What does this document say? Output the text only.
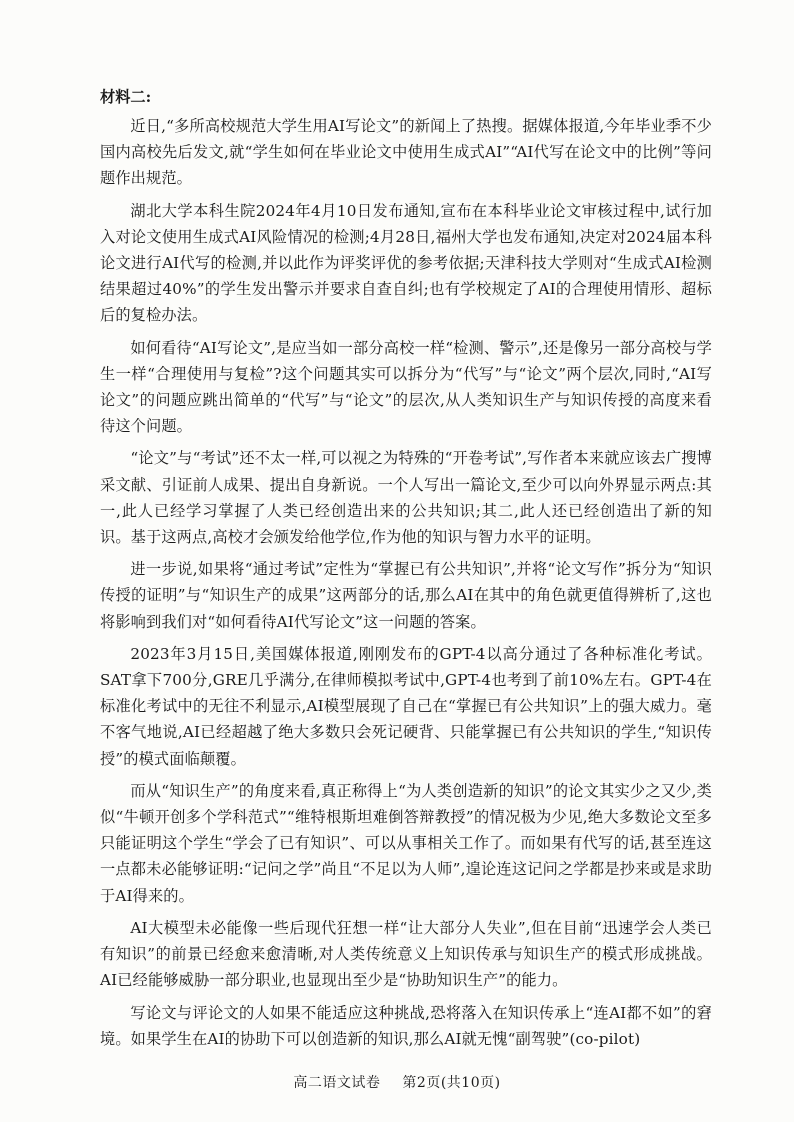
材料二:

近日,“多所高校规范大学生用AI写论文”的新闻上了热搜。据媒体报道,今年毕业季不少国内高校先后发文,就“学生如何在毕业论文中使用生成式AI”“AI代写在论文中的比例”等问题作出规范。

湖北大学本科生院2024年4月10日发布通知,宣布在本科毕业论文审核过程中,试行加入对论文使用生成式AI风险情况的检测;4月28日,福州大学也发布通知,决定对2024届本科论文进行AI代写的检测,并以此作为评奖评优的参考依据;天津科技大学则对“生成式AI检测结果超过40%”的学生发出警示并要求自查自纠;也有学校规定了AI的合理使用情形、超标后的复检办法。

如何看待“AI写论文”,是应当如一部分高校一样“检测、警示”,还是像另一部分高校与学生一样“合理使用与复检”?这个问题其实可以拆分为“代写”与“论文”两个层次,同时,“AI写论文”的问题应跳出简单的“代写”与“论文”的层次,从人类知识生产与知识传授的高度来看待这个问题。

“论文”与“考试”还不太一样,可以视之为特殊的“开卷考试”,写作者本来就应该去广搜博采文献、引证前人成果、提出自身新说。一个人写出一篇论文,至少可以向外界显示两点:其一,此人已经学习掌握了人类已经创造出来的公共知识;其二,此人还已经创造出了新的知识。基于这两点,高校才会颁发给他学位,作为他的知识与智力水平的证明。

进一步说,如果将“通过考试”定性为“掌握已有公共知识”,并将“论文写作”拆分为“知识传授的证明”与“知识生产的成果”这两部分的话,那么AI在其中的角色就更值得辨析了,这也将影响到我们对“如何看待AI代写论文”这一问题的答案。

2023年3月15日,美国媒体报道,刚刚发布的GPT-4以高分通过了各种标准化考试。SAT拿下700分,GRE几乎满分,在律师模拟考试中,GPT-4也考到了前10%左右。GPT-4在标准化考试中的无往不利显示,AI模型展现了自己在“掌握已有公共知识”上的强大威力。毫不客气地说,AI已经超越了绝大多数只会死记硬背、只能掌握已有公共知识的学生,“知识传授”的模式面临颠覆。

而从“知识生产”的角度来看,真正称得上“为人类创造新的知识”的论文其实少之又少,类似“牛顿开创多个学科范式”“维特根斯坦难倒答辩教授”的情况极为少见,绝大多数论文至多只能证明这个学生“学会了已有知识”、可以从事相关工作了。而如果有代写的话,甚至连这一点都未必能够证明:“记问之学”尚且“不足以为人师”,遑论连这记问之学都是抄来或是求助于AI得来的。

AI大模型未必能像一些后现代狂想一样“让大部分人失业”,但在目前“迅速学会人类已有知识”的前景已经愈来愈清晰,对人类传统意义上知识传承与知识生产的模式形成挑战。AI已经能够威胁一部分职业,也显现出至少是“协助知识生产”的能力。

写论文与评论文的人如果不能适应这种挑战,恐将落入在知识传承上“连AI都不如”的窘境。如果学生在AI的协助下可以创造新的知识,那么AI就无愧“副驾驶”(co-pilot)

高二语文试卷 第2页(共10页)
